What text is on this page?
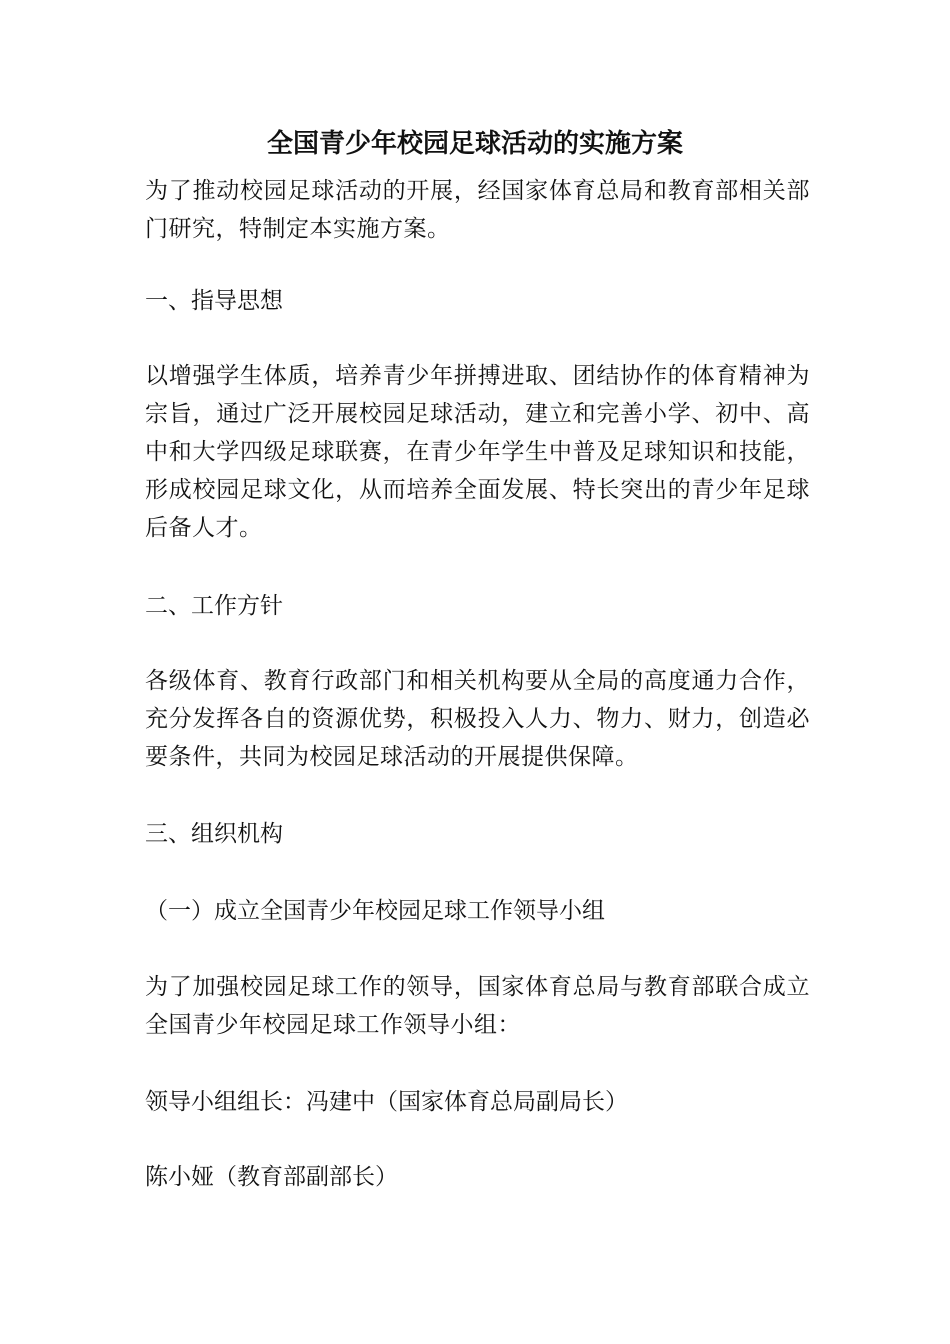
全国青少年校园足球活动的实施方案

为了推动校园足球活动的开展，经国家体育总局和教育部相关部门研究，特制定本实施方案。

一、指导思想

以增强学生体质，培养青少年拼搏进取、团结协作的体育精神为宗旨，通过广泛开展校园足球活动，建立和完善小学、初中、高中和大学四级足球联赛，在青少年学生中普及足球知识和技能，形成校园足球文化，从而培养全面发展、特长突出的青少年足球后备人才。

二、工作方针

各级体育、教育行政部门和相关机构要从全局的高度通力合作，充分发挥各自的资源优势，积极投入人力、物力、财力，创造必要条件，共同为校园足球活动的开展提供保障。

三、组织机构

（一）成立全国青少年校园足球工作领导小组

为了加强校园足球工作的领导，国家体育总局与教育部联合成立全国青少年校园足球工作领导小组：

领导小组组长：冯建中（国家体育总局副局长）

陈小娅（教育部副部长）
